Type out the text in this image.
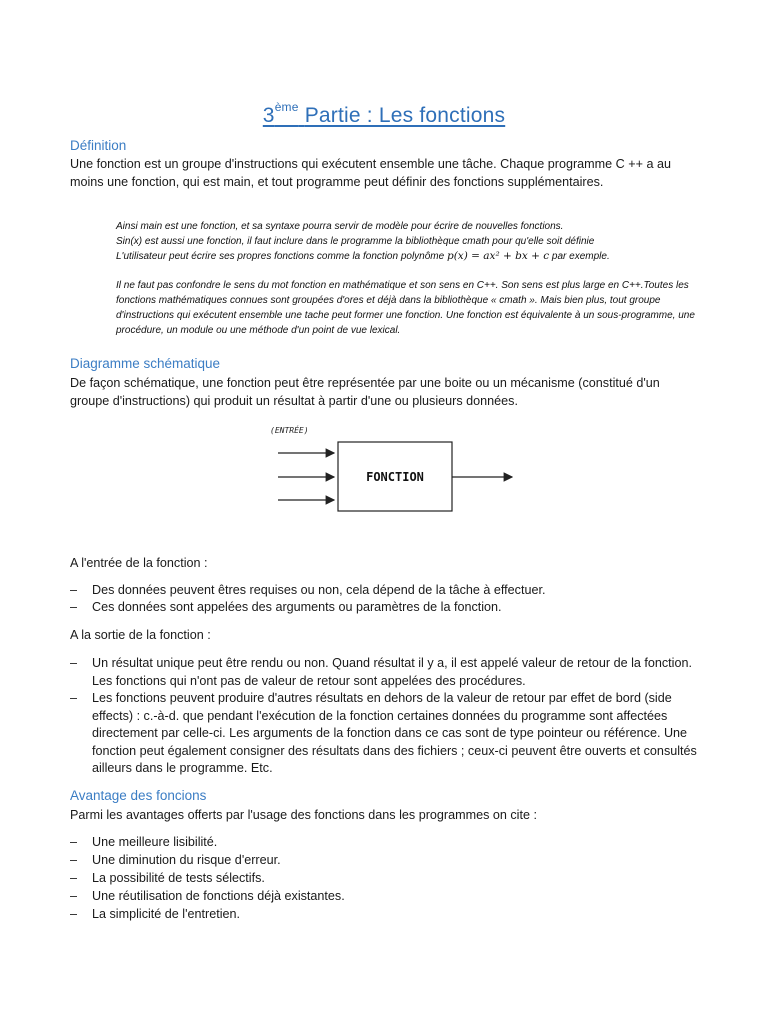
3ème Partie : Les fonctions
Définition
Une fonction est un groupe d'instructions qui exécutent ensemble une tâche. Chaque programme C ++ a au moins une fonction, qui est main, et tout programme peut définir des fonctions supplémentaires.
Ainsi main est une fonction, et sa syntaxe pourra servir de modèle pour écrire de nouvelles fonctions.
Sin(x) est aussi une fonction, il faut inclure dans le programme la bibliothèque cmath pour qu'elle soit définie
L'utilisateur peut écrire ses propres fonctions comme la fonction polynôme p(x) = ax² + bx + c par exemple.
Il ne faut pas confondre le sens du mot fonction en mathématique et son sens en C++. Son sens est plus large en C++.Toutes les fonctions mathématiques connues sont groupées d'ores et déjà dans la bibliothèque « cmath ». Mais bien plus, tout groupe d'instructions qui exécutent ensemble une tache peut former une fonction. Une fonction est équivalente à un sous-programme, une procédure, un module ou une méthode d'un point de vue lexical.
Diagramme schématique
De façon schématique, une fonction peut être représentée par une boite ou un mécanisme (constitué d'un groupe d'instructions) qui produit un résultat à partir d'une ou plusieurs données.
(ENTRÉE)
FONCTION
A l'entrée de la fonction :
–	Des données peuvent êtres requises ou non, cela dépend de la tâche à effectuer.
–	Ces données sont appelées des arguments ou paramètres de la fonction.
A la sortie de la fonction :
–	Un résultat unique peut être rendu ou non. Quand résultat il y a, il est appelé valeur de retour de la fonction. Les fonctions qui n'ont pas de valeur de retour sont appelées des procédures.
–	Les fonctions peuvent produire d'autres résultats en dehors de la valeur de retour par effet de bord (side effects) : c.-à-d. que pendant l'exécution de la fonction certaines données du programme sont affectées directement par celle-ci. Les arguments de la fonction dans ce cas sont de type pointeur ou référence. Une fonction peut également consigner des résultats dans des fichiers ; ceux-ci peuvent être ouverts et consultés ailleurs dans le programme. Etc.
Avantage des foncions
Parmi les avantages offerts par l'usage des fonctions dans les programmes on cite :
–	Une meilleure lisibilité.
–	Une diminution du risque d'erreur.
–	La possibilité de tests sélectifs.
–	Une réutilisation de fonctions déjà existantes.
–	La simplicité de l'entretien.
